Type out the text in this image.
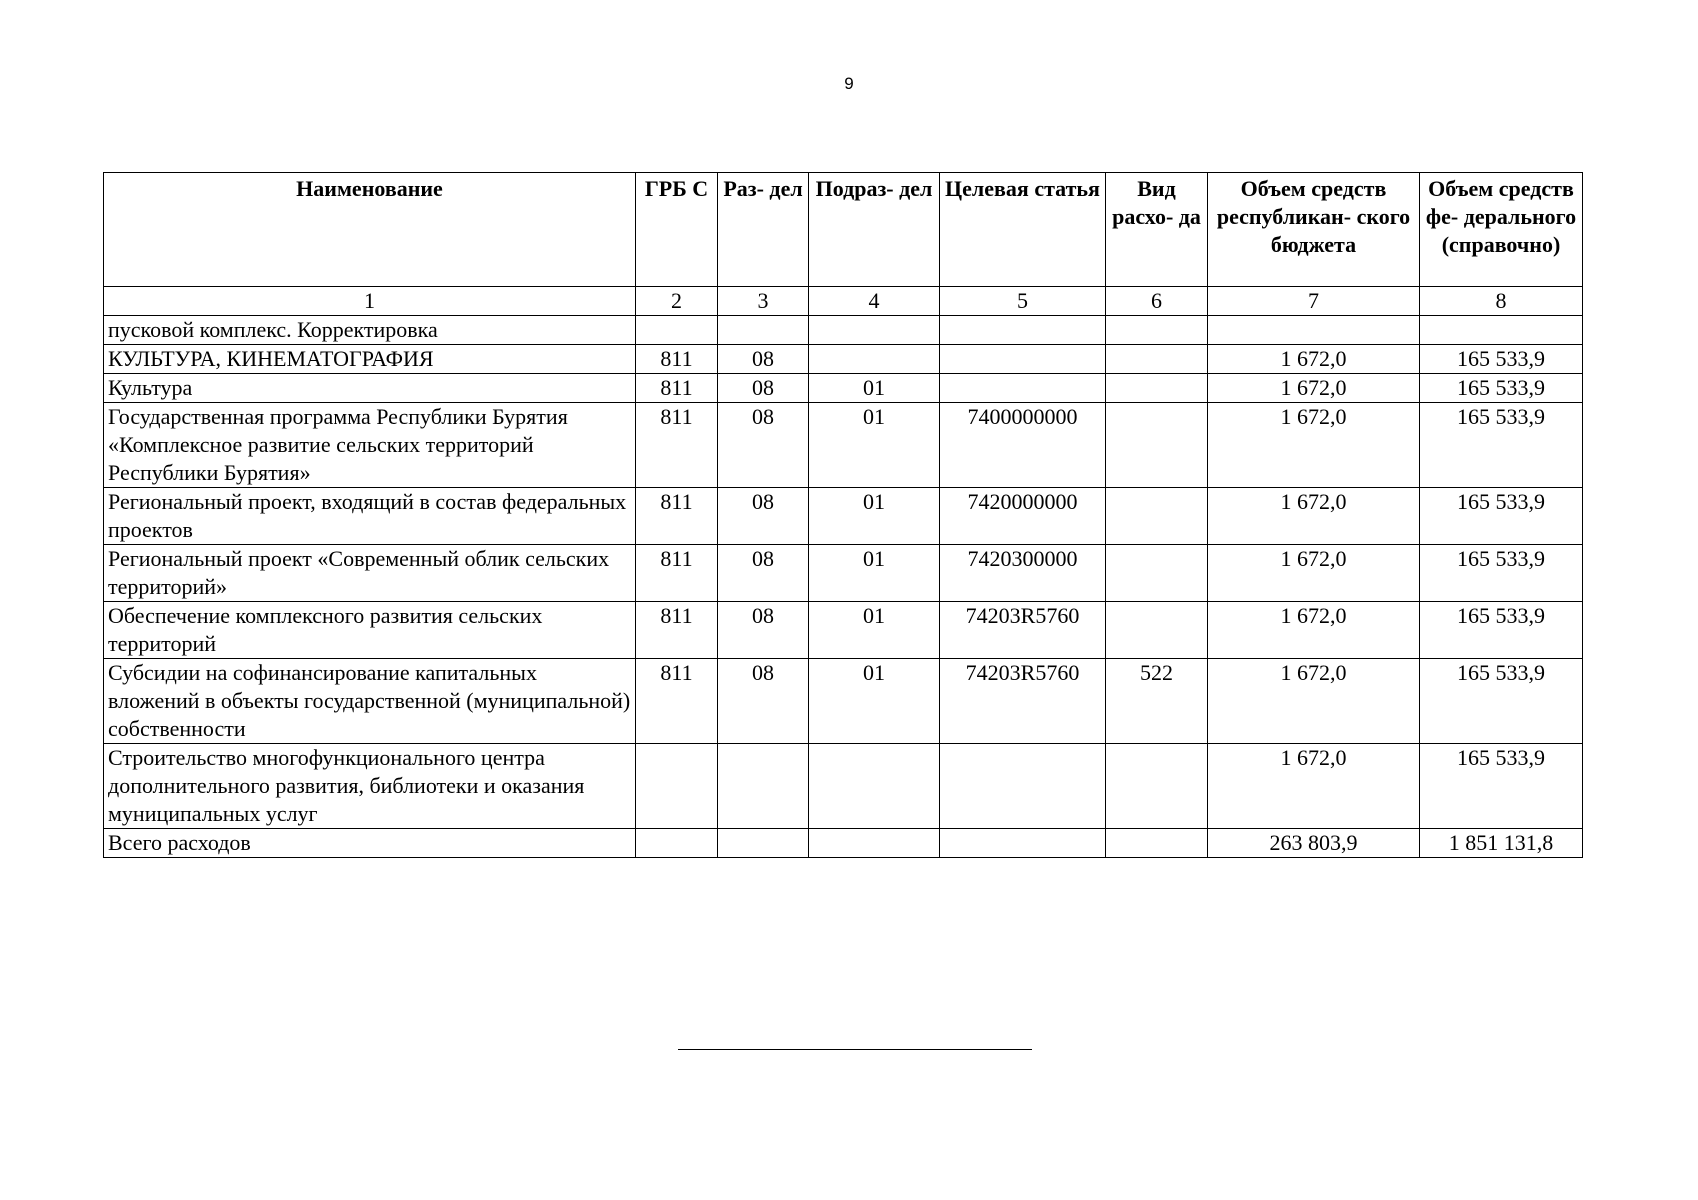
9
Наименование	ГРБ С	Раз- дел	Подраз- дел	Целевая статья	Вид расхо- да	Объем средств республикан- ского бюджета	Объем средств фе- дерального (справочно)
1	2	3	4	5	6	7	8
пусковой комплекс. Корректировка							
КУЛЬТУРА, КИНЕМАТОГРАФИЯ	811	08				1 672,0	165 533,9
Культура	811	08	01			1 672,0	165 533,9
Государственная программа Республики Бурятия «Комплексное развитие сельских территорий Республики Бурятия»	811	08	01	7400000000		1 672,0	165 533,9
Региональный проект, входящий в состав федеральных проектов	811	08	01	7420000000		1 672,0	165 533,9
Региональный проект «Современный облик сельских территорий»	811	08	01	7420300000		1 672,0	165 533,9
Обеспечение комплексного развития сельских территорий	811	08	01	74203R5760		1 672,0	165 533,9
Субсидии на софинансирование капитальных вложений в объекты государственной (муниципальной) собственности	811	08	01	74203R5760	522	1 672,0	165 533,9
Строительство многофункционального центра дополнительного развития, библиотеки и оказания муниципальных услуг						1 672,0	165 533,9
Всего расходов						263 803,9	1 851 131,8
